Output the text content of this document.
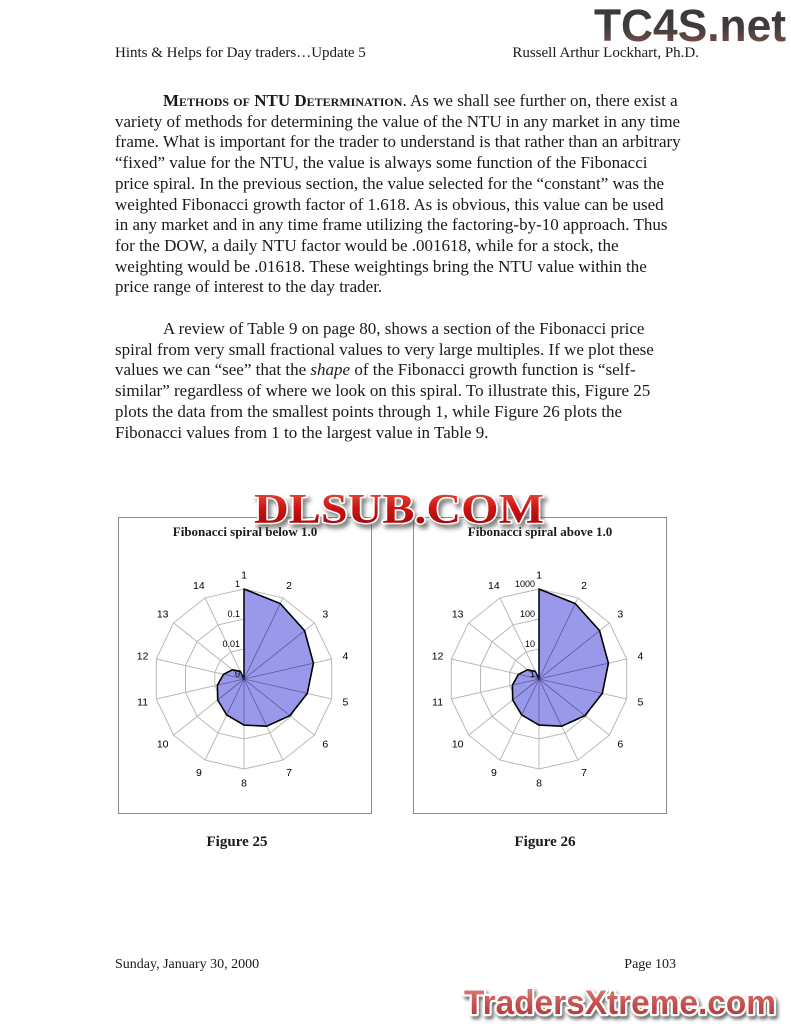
TC4S.net
Hints & Helps for Day traders…Update 5	Russell Arthur Lockhart, Ph.D.

Methods of NTU Determination. As we shall see further on, there exist a variety of methods for determining the value of the NTU in any market in any time frame. What is important for the trader to understand is that rather than an arbitrary “fixed” value for the NTU, the value is always some function of the Fibonacci price spiral. In the previous section, the value selected for the “constant” was the weighted Fibonacci growth factor of 1.618. As is obvious, this value can be used in any market and in any time frame utilizing the factoring-by-10 approach. Thus for the DOW, a daily NTU factor would be .001618, while for a stock, the weighting would be .01618. These weightings bring the NTU value within the price range of interest to the day trader.

A review of Table 9 on page 80, shows a section of the Fibonacci price spiral from very small fractional values to very large multiples. If we plot these values we can “see” that the shape of the Fibonacci growth function is “self-similar” regardless of where we look on this spiral. To illustrate this, Figure 25 plots the data from the smallest points through 1, while Figure 26 plots the Fibonacci values from 1 to the largest value in Table 9.

DLSUB.COM
Fibonacci spiral below 1.0
0.01
0.1
1
0
1
2
3
4
5
6
7
8
9
10
11
12
13
14
Fibonacci spiral above 1.0
10
100
1000
1
1
2
3
4
5
6
7
8
9
10
11
12
13
14
Figure 25	Figure 26
Sunday, January 30, 2000	Page 103
TradersXtreme.com
